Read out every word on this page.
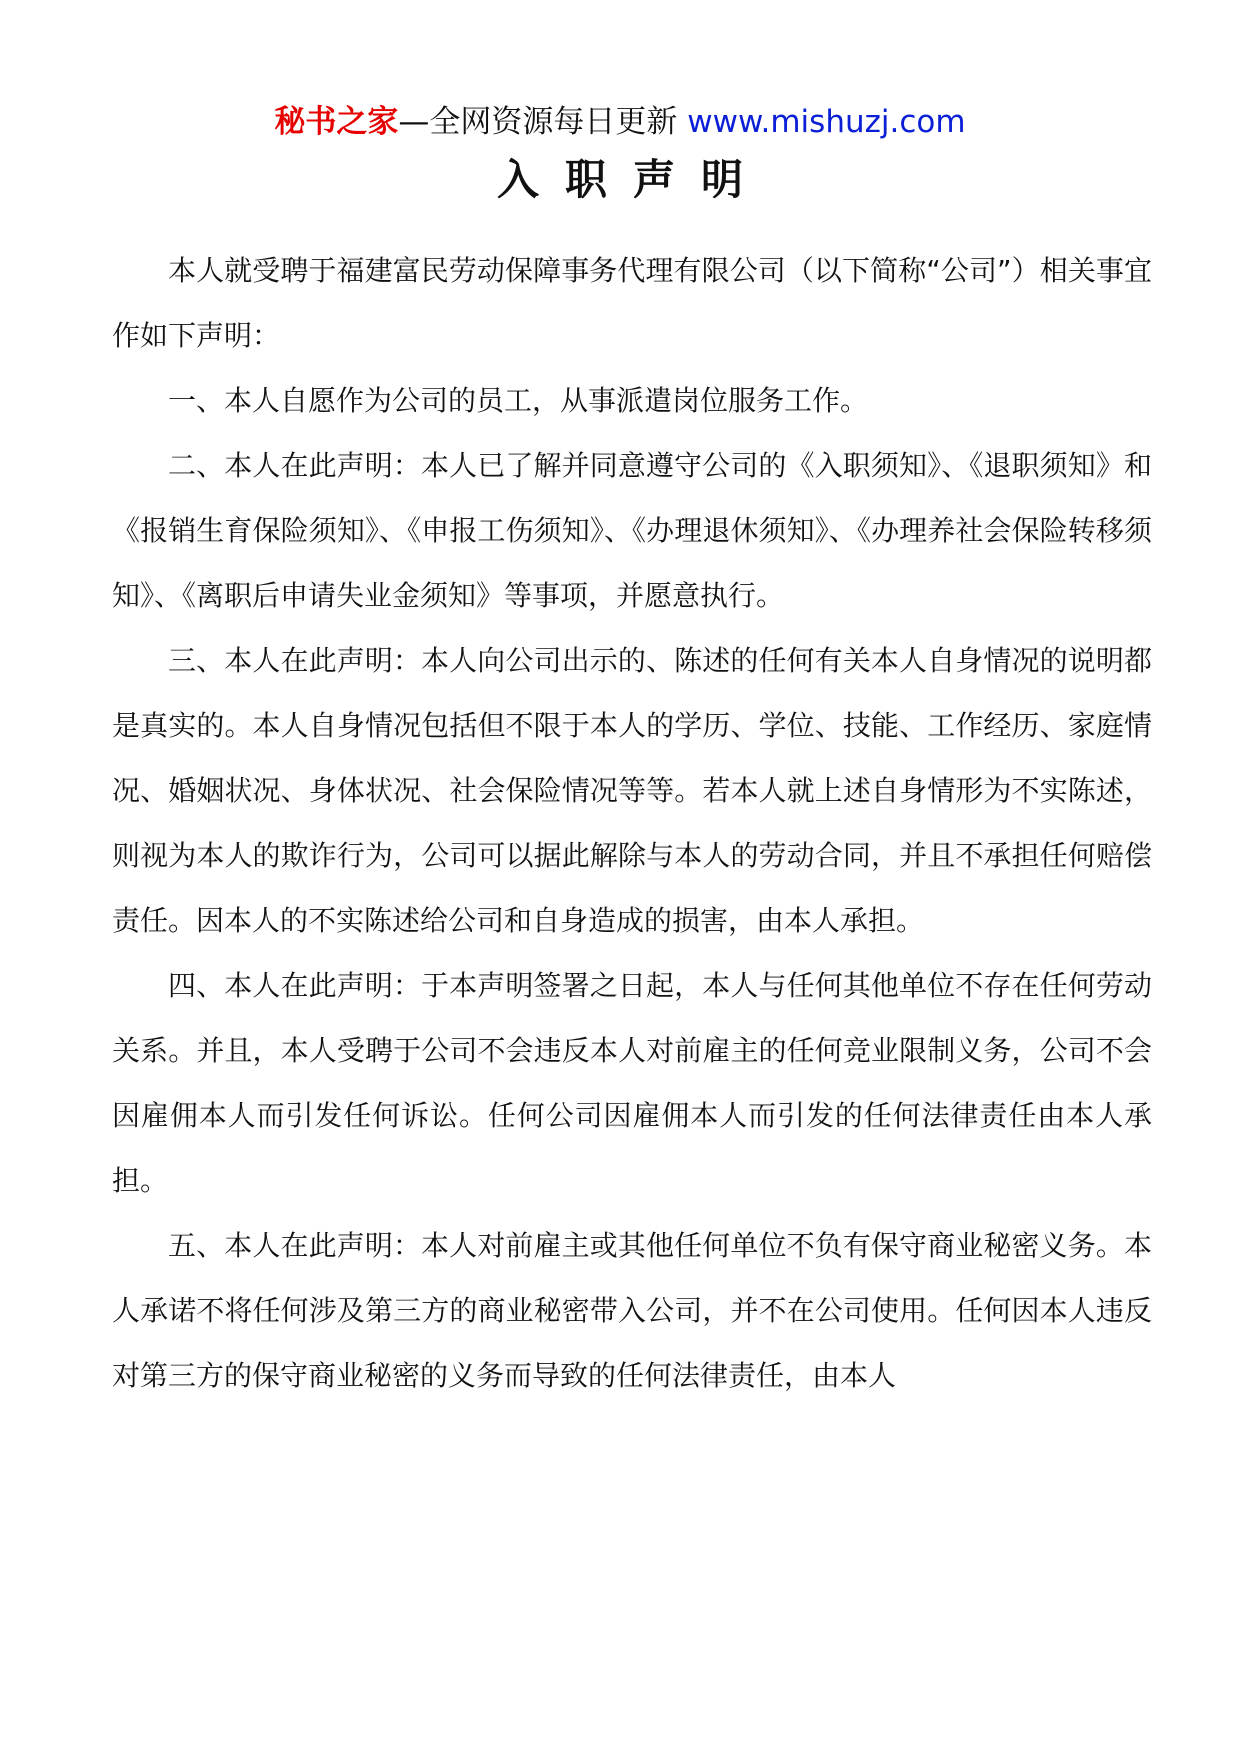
秘书之家—全网资源每日更新 www.mishuzj.com
入职声明

本人就受聘于福建富民劳动保障事务代理有限公司（以下简称“公司”）相关事宜作如下声明：

一、本人自愿作为公司的员工，从事派遣岗位服务工作。

二、本人在此声明：本人已了解并同意遵守公司的《入职须知》、《退职须知》和《报销生育保险须知》、《申报工伤须知》、《办理退休须知》、《办理养社会保险转移须知》、《离职后申请失业金须知》等事项，并愿意执行。

三、本人在此声明：本人向公司出示的、陈述的任何有关本人自身情况的说明都是真实的。本人自身情况包括但不限于本人的学历、学位、技能、工作经历、家庭情况、婚姻状况、身体状况、社会保险情况等等。若本人就上述自身情形为不实陈述，则视为本人的欺诈行为，公司可以据此解除与本人的劳动合同，并且不承担任何赔偿责任。因本人的不实陈述给公司和自身造成的损害，由本人承担。

四、本人在此声明：于本声明签署之日起，本人与任何其他单位不存在任何劳动关系。并且，本人受聘于公司不会违反本人对前雇主的任何竞业限制义务，公司不会因雇佣本人而引发任何诉讼。任何公司因雇佣本人而引发的任何法律责任由本人承担。

五、本人在此声明：本人对前雇主或其他任何单位不负有保守商业秘密义务。本人承诺不将任何涉及第三方的商业秘密带入公司，并不在公司使用。任何因本人违反对第三方的保守商业秘密的义务而导致的任何法律责任，由本人
